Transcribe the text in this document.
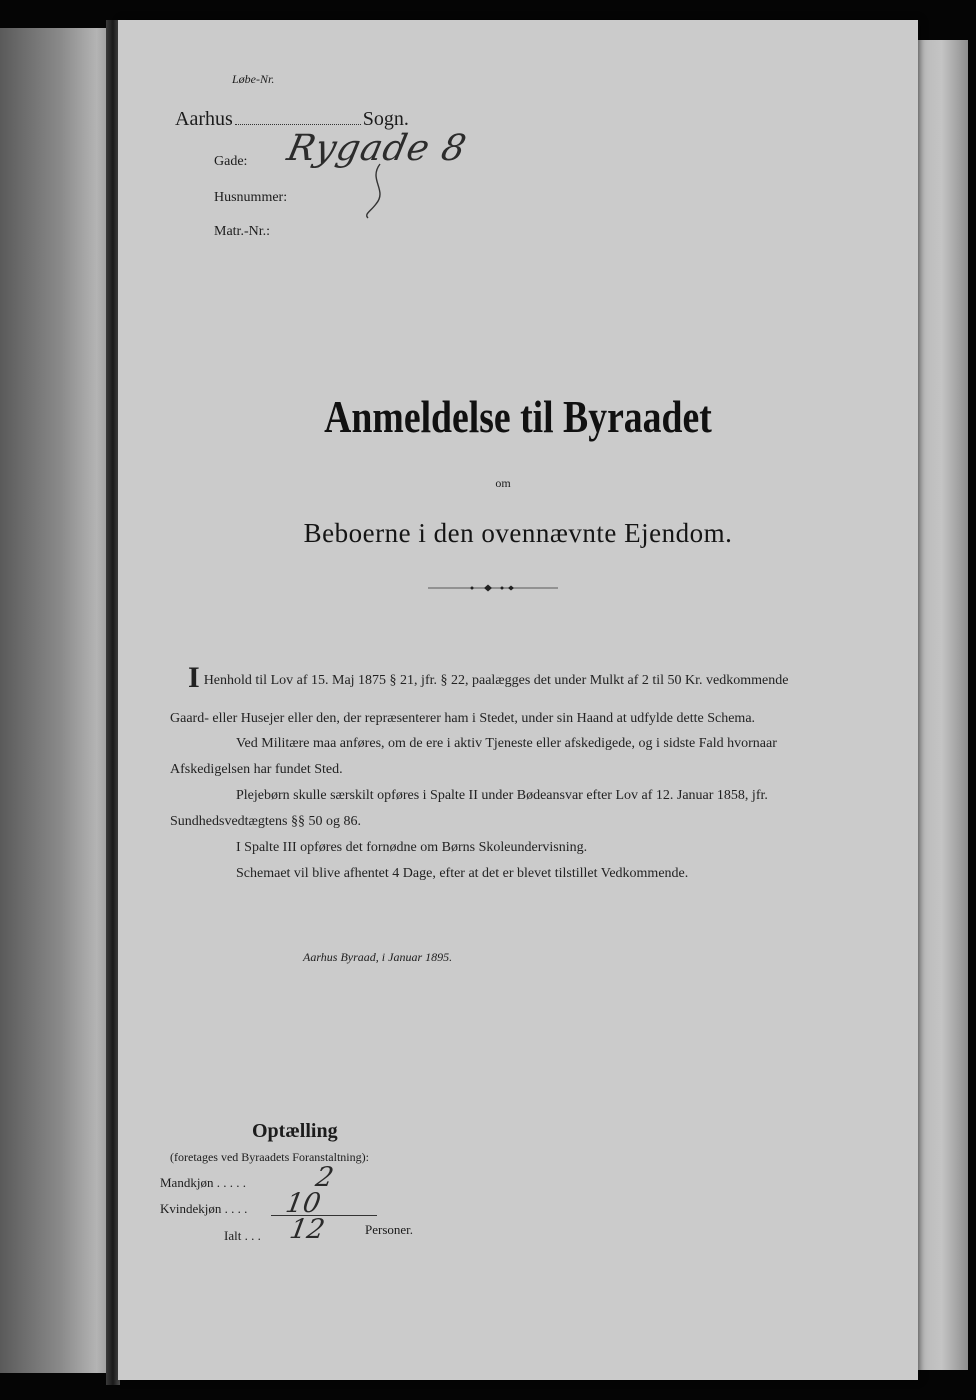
Løbe-Nr.
Aarhus	Sogn.
Gade: Rygade 8
Husnummer:
Matr.-Nr.:
Anmeldelse til Byraadet
om
Beboerne i den ovennævnte Ejendom.

I Henhold til Lov af 15. Maj 1875 § 21, jfr. § 22, paalægges det under Mulkt af 2 til 50 Kr. vedkommende Gaard- eller Husejer eller den, der repræsenterer ham i Stedet, under sin Haand at udfylde dette Schema.

Ved Militære maa anføres, om de ere i aktiv Tjeneste eller afskedigede, og i sidste Fald hvornaar Afskedigelsen har fundet Sted.

Plejebørn skulle særskilt opføres i Spalte II under Bødeansvar efter Lov af 12. Januar 1858, jfr. Sundhedsvedtægtens §§ 50 og 86.

I Spalte III opføres det fornødne om Børns Skoleundervisning.

Schemaet vil blive afhentet 4 Dage, efter at det er blevet tilstillet Vedkommende.

Aarhus Byraad, i Januar 1895.
Optælling
(foretages ved Byraadets Foranstaltning):
Mandkjøn . . . . . 2
Kvindekjøn . . . . 10
Ialt . . . 12	Personer.
